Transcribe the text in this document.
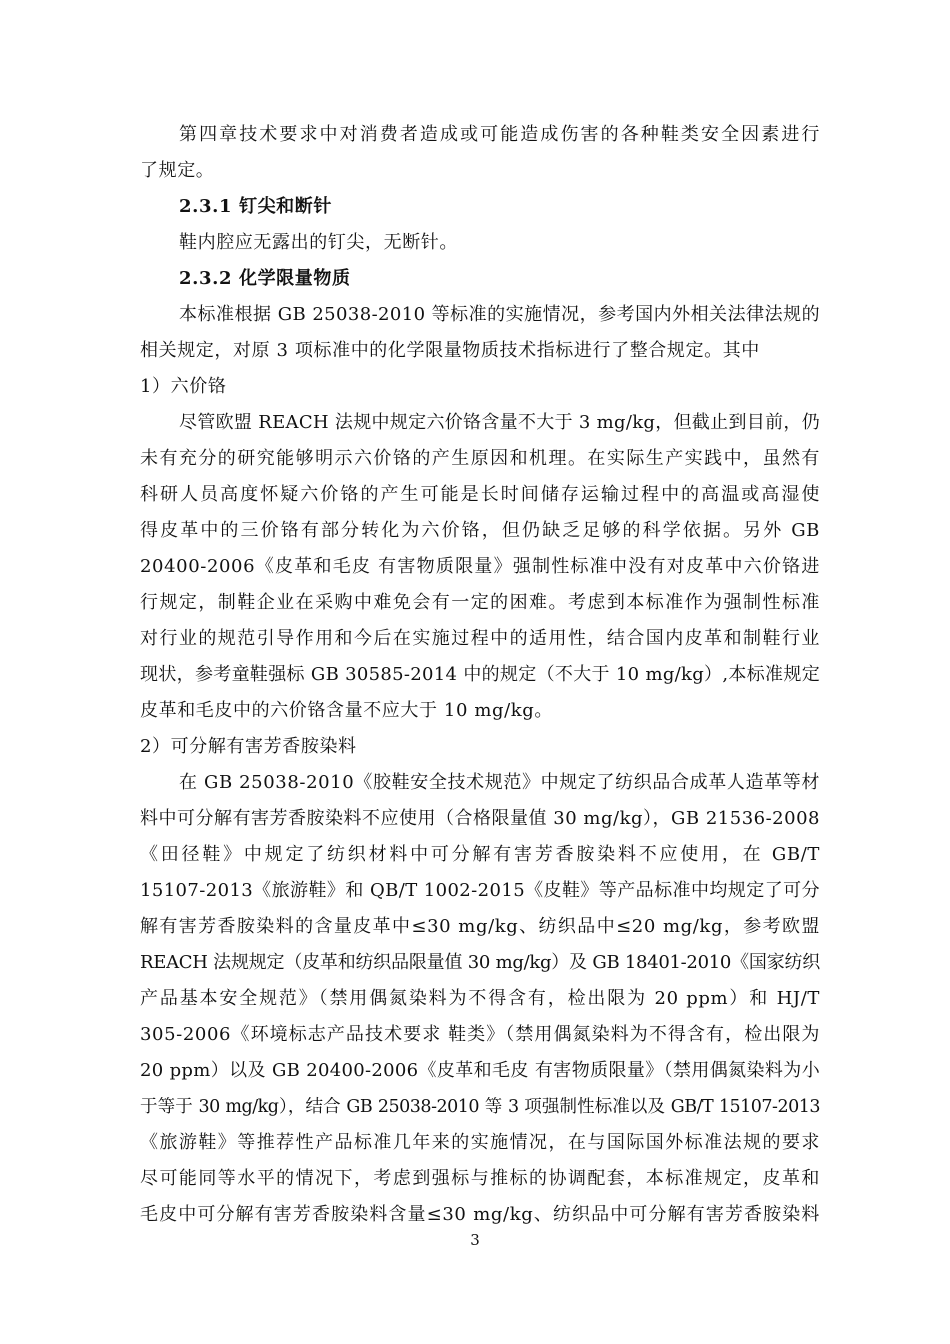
第四章技术要求中对消费者造成或可能造成伤害的各种鞋类安全因素进行
了规定。
2.3.1 钉尖和断针
鞋内腔应无露出的钉尖，无断针。
2.3.2 化学限量物质
本标准根据 GB 25038-2010 等标准的实施情况，参考国内外相关法律法规的
相关规定，对原 3 项标准中的化学限量物质技术指标进行了整合规定。其中
1）六价铬
尽管欧盟 REACH 法规中规定六价铬含量不大于 3 mg/kg，但截止到目前，仍
未有充分的研究能够明示六价铬的产生原因和机理。在实际生产实践中，虽然有
科研人员高度怀疑六价铬的产生可能是长时间储存运输过程中的高温或高湿使
得皮革中的三价铬有部分转化为六价铬，但仍缺乏足够的科学依据。另外 GB
20400-2006《皮革和毛皮 有害物质限量》强制性标准中没有对皮革中六价铬进
行规定，制鞋企业在采购中难免会有一定的困难。考虑到本标准作为强制性标准
对行业的规范引导作用和今后在实施过程中的适用性，结合国内皮革和制鞋行业
现状，参考童鞋强标 GB 30585-2014 中的规定（不大于 10 mg/kg）,本标准规定
皮革和毛皮中的六价铬含量不应大于 10 mg/kg。
2）可分解有害芳香胺染料
在 GB 25038-2010《胶鞋安全技术规范》中规定了纺织品合成革人造革等材
料中可分解有害芳香胺染料不应使用（合格限量值 30 mg/kg），GB 21536-2008
《田径鞋》中规定了纺织材料中可分解有害芳香胺染料不应使用，在 GB/T
15107-2013《旅游鞋》和 QB/T 1002-2015《皮鞋》等产品标准中均规定了可分
解有害芳香胺染料的含量皮革中≤30 mg/kg、纺织品中≤20 mg/kg，参考欧盟
REACH 法规规定（皮革和纺织品限量值 30 mg/kg）及 GB 18401-2010《国家纺织
产品基本安全规范》（禁用偶氮染料为不得含有，检出限为 20 ppm）和 HJ/T
305-2006《环境标志产品技术要求 鞋类》（禁用偶氮染料为不得含有，检出限为
20 ppm）以及 GB 20400-2006《皮革和毛皮 有害物质限量》（禁用偶氮染料为小
于等于 30 mg/kg），结合 GB 25038-2010 等 3 项强制性标准以及 GB/T 15107-2013
《旅游鞋》等推荐性产品标准几年来的实施情况，在与国际国外标准法规的要求
尽可能同等水平的情况下，考虑到强标与推标的协调配套，本标准规定，皮革和
毛皮中可分解有害芳香胺染料含量≤30 mg/kg、纺织品中可分解有害芳香胺染料
3
